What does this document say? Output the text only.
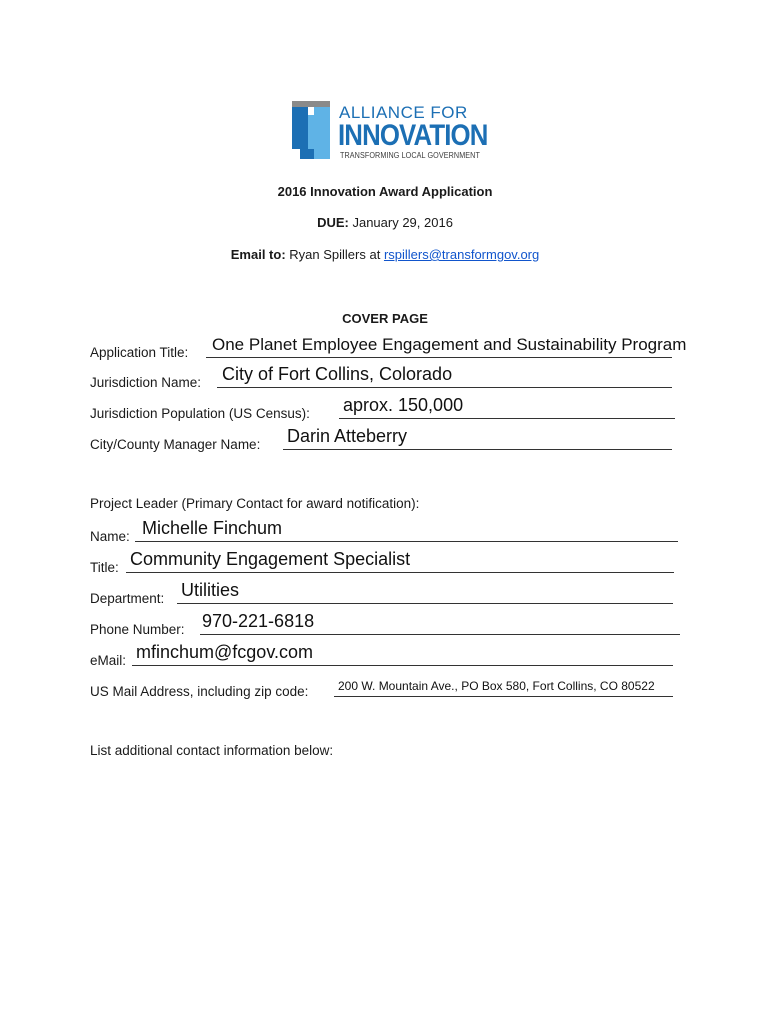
ALLIANCE FOR
INNOVATION
TRANSFORMING LOCAL GOVERNMENT
2016 Innovation Award Application
DUE: January 29, 2016
Email to: Ryan Spillers at rspillers@transformgov.org
COVER PAGE
Application Title: One Planet Employee Engagement and Sustainability Program
Jurisdiction Name: City of Fort Collins, Colorado
Jurisdiction Population (US Census): aprox. 150,000
City/County Manager Name: Darin Atteberry
Project Leader (Primary Contact for award notification):
Name: Michelle Finchum
Title: Community Engagement Specialist
Department: Utilities
Phone Number: 970-221-6818
eMail: mfinchum@fcgov.com
US Mail Address, including zip code: 200 W. Mountain Ave., PO Box 580, Fort Collins, CO 80522
List additional contact information below:
